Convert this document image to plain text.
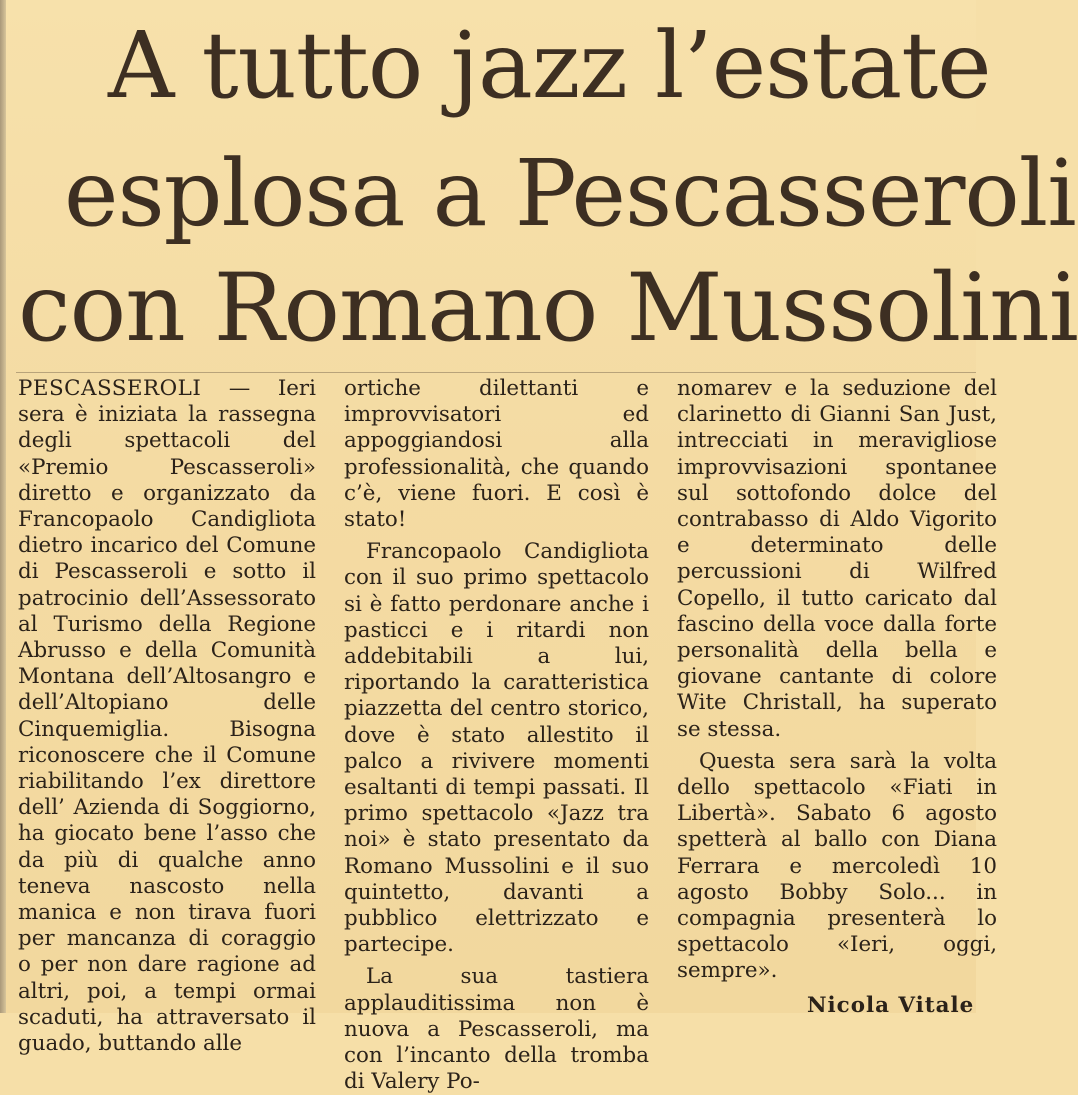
A tutto jazz l’estate
esplosa a Pescasseroli
con Romano Mussolini

PESCASSEROLI — Ieri sera è iniziata la rassegna degli spettacoli del «Premio Pescasseroli» diretto e organizzato da Francopaolo Candigliota dietro incarico del Comune di Pescasseroli e sotto il patrocinio dell’Assessorato al Turismo della Regione Abrusso e della Comunità Montana dell’Altosangro e dell’Altopiano delle Cinquemiglia. Bisogna riconoscere che il Comune riabilitando l’ex direttore dell’ Azienda di Soggiorno, ha giocato bene l’asso che da più di qualche anno teneva nascosto nella manica e non tirava fuori per mancanza di coraggio o per non dare ragione ad altri, poi, a tempi ormai scaduti, ha attraversato il guado, buttando alle

ortiche dilettanti e improvvisatori ed appoggiandosi alla professionalità, che quando c’è, viene fuori. E così è stato!

Francopaolo Candigliota con il suo primo spettacolo si è fatto perdonare anche i pasticci e i ritardi non addebitabili a lui, riportando la caratteristica piazzetta del centro storico, dove è stato allestito il palco a rivivere momenti esaltanti di tempi passati. Il primo spettacolo «Jazz tra noi» è stato presentato da Romano Mussolini e il suo quintetto, davanti a pubblico elettrizzato e partecipe.

La sua tastiera applauditissima non è nuova a Pescasseroli, ma con l’incanto della tromba di Valery Po-

nomarev e la seduzione del clarinetto di Gianni San Just, intrecciati in meravigliose improvvisazioni spontanee sul sottofondo dolce del contrabasso di Aldo Vigorito e determinato delle percussioni di Wilfred Copello, il tutto caricato dal fascino della voce dalla forte personalità della bella e giovane cantante di colore Wite Christall, ha superato se stessa.

Questa sera sarà la volta dello spettacolo «Fiati in Libertà». Sabato 6 agosto spetterà al ballo con Diana Ferrara e mercoledì 10 agosto Bobby Solo... in compagnia presenterà lo spettacolo «Ieri, oggi, sempre».

Nicola Vitale
